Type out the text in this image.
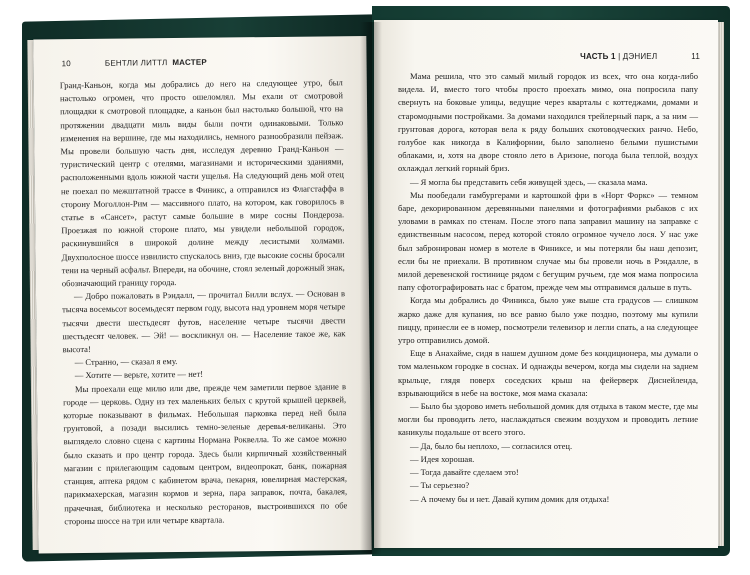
10	БЕНТЛИ ЛИТТЛ МАСТЕР

Гранд-Каньон, когда мы добрались до него на следующее утро, был настолько огромен, что просто ошеломлял. Мы ехали от смотровой площадки к смотровой площадке, а каньон был настолько большой, что на протяжении двадцати миль виды были почти одинаковыми. Только изменения на вершине, где мы находились, немного разнообразили пейзаж. Мы провели большую часть дня, исследуя деревню Гранд-Каньон — туристический центр с отелями, магазинами и историческими зданиями, расположенными вдоль южной части ущелья. На следующий день мой отец не поехал по межштатной трассе в Финикс, а отправился из Флагстаффа в сторону Моголлон-Рим — массивного плато, на котором, как говорилось в статье в «Сансет», растут самые большие в мире сосны Пондероза. Проезжая по южной стороне плато, мы увидели небольшой городок, раскинувшийся в широкой долине между лесистыми холмами. Двухполосное шоссе извилисто спускалось вниз, где высокие сосны бросали тени на черный асфальт. Впереди, на обочине, стоял зеленый дорожный знак, обозначающий границу города.

— Добро пожаловать в Рэндалл, — прочитал Билли вслух. — Основан в тысяча восемьсот восемьдесят первом году, высота над уровнем моря четыре тысячи двести шестьдесят футов, население четыре тысячи двести шестьдесят человек. — Эй! — воскликнул он. — Население такое же, как высота!

— Странно, — сказал я ему.

— Хотите — верьте, хотите — нет!

Мы проехали еще милю или две, прежде чем заметили первое здание в городе — церковь. Одну из тех маленьких белых с крутой крышей церквей, которые показывают в фильмах. Небольшая парковка перед ней была грунтовой, а позади высились темно-зеленые деревья-великаны. Это выглядело словно сцена с картины Нормана Роквелла. То же самое можно было сказать и про центр города. Здесь были кирпичный хозяйственный магазин с прилегающим садовым центром, видеопрокат, банк, пожарная станция, аптека рядом с кабинетом врача, пекарня, ювелирная мастерская, парикмахерская, магазин кормов и зерна, пара заправок, почта, бакалея, прачечная, библиотека и несколько ресторанов, выстроившихся по обе стороны шоссе на три или четыре квартала.

ЧАСТЬ 1 | ДЭНИЕЛ	11

Мама решила, что это самый милый городок из всех, что она когда-либо видела. И, вместо того чтобы просто проехать мимо, она попросила папу свернуть на боковые улицы, ведущие через кварталы с коттеджами, домами и старомодными постройками. За домами находился трейлерный парк, а за ним — грунтовая дорога, которая вела к ряду больших скотоводческих ранчо. Небо, голубое как никогда в Калифорнии, было заполнено белыми пушистыми облаками, и, хотя на дворе стояло лето в Аризоне, погода была теплой, воздух охлаждал легкий горный бриз.

— Я могла бы представить себя живущей здесь, — сказала мама.

Мы пообедали гамбургерами и картошкой фри в «Норт Форкс» — темном баре, декорированном деревянными панелями и фотографиями рыбаков с их уловами в рамках по стенам. После этого папа заправил машину на заправке с единственным насосом, перед которой стояло огромное чучело лося. У нас уже был забронирован номер в мотеле в Финиксе, и мы потеряли бы наш депозит, если бы не приехали. В противном случае мы бы провели ночь в Рэндалле, в милой деревенской гостинице рядом с бегущим ручьем, где моя мама попросила папу сфотографировать нас с братом, прежде чем мы отправимся дальше в путь.

Когда мы добрались до Финикса, было уже выше ста градусов — слишком жарко даже для купания, но все равно было уже поздно, поэтому мы купили пиццу, принесли ее в номер, посмотрели телевизор и легли спать, а на следующее утро отправились домой.

Еще в Анахайме, сидя в нашем душном доме без кондиционера, мы думали о том маленьком городке в соснах. И однажды вечером, когда мы сидели на заднем крыльце, глядя поверх соседских крыш на фейерверк Диснейленда, взрывающийся в небе на востоке, моя мама сказала:

— Было бы здорово иметь небольшой домик для отдыха в таком месте, где мы могли бы проводить лето, наслаждаться свежим воздухом и проводить летние каникулы подальше от всего этого.

— Да, было бы неплохо, — согласился отец.

— Идея хорошая.

— Тогда давайте сделаем это!

— Ты серьезно?

— А почему бы и нет. Давай купим домик для отдыха!
